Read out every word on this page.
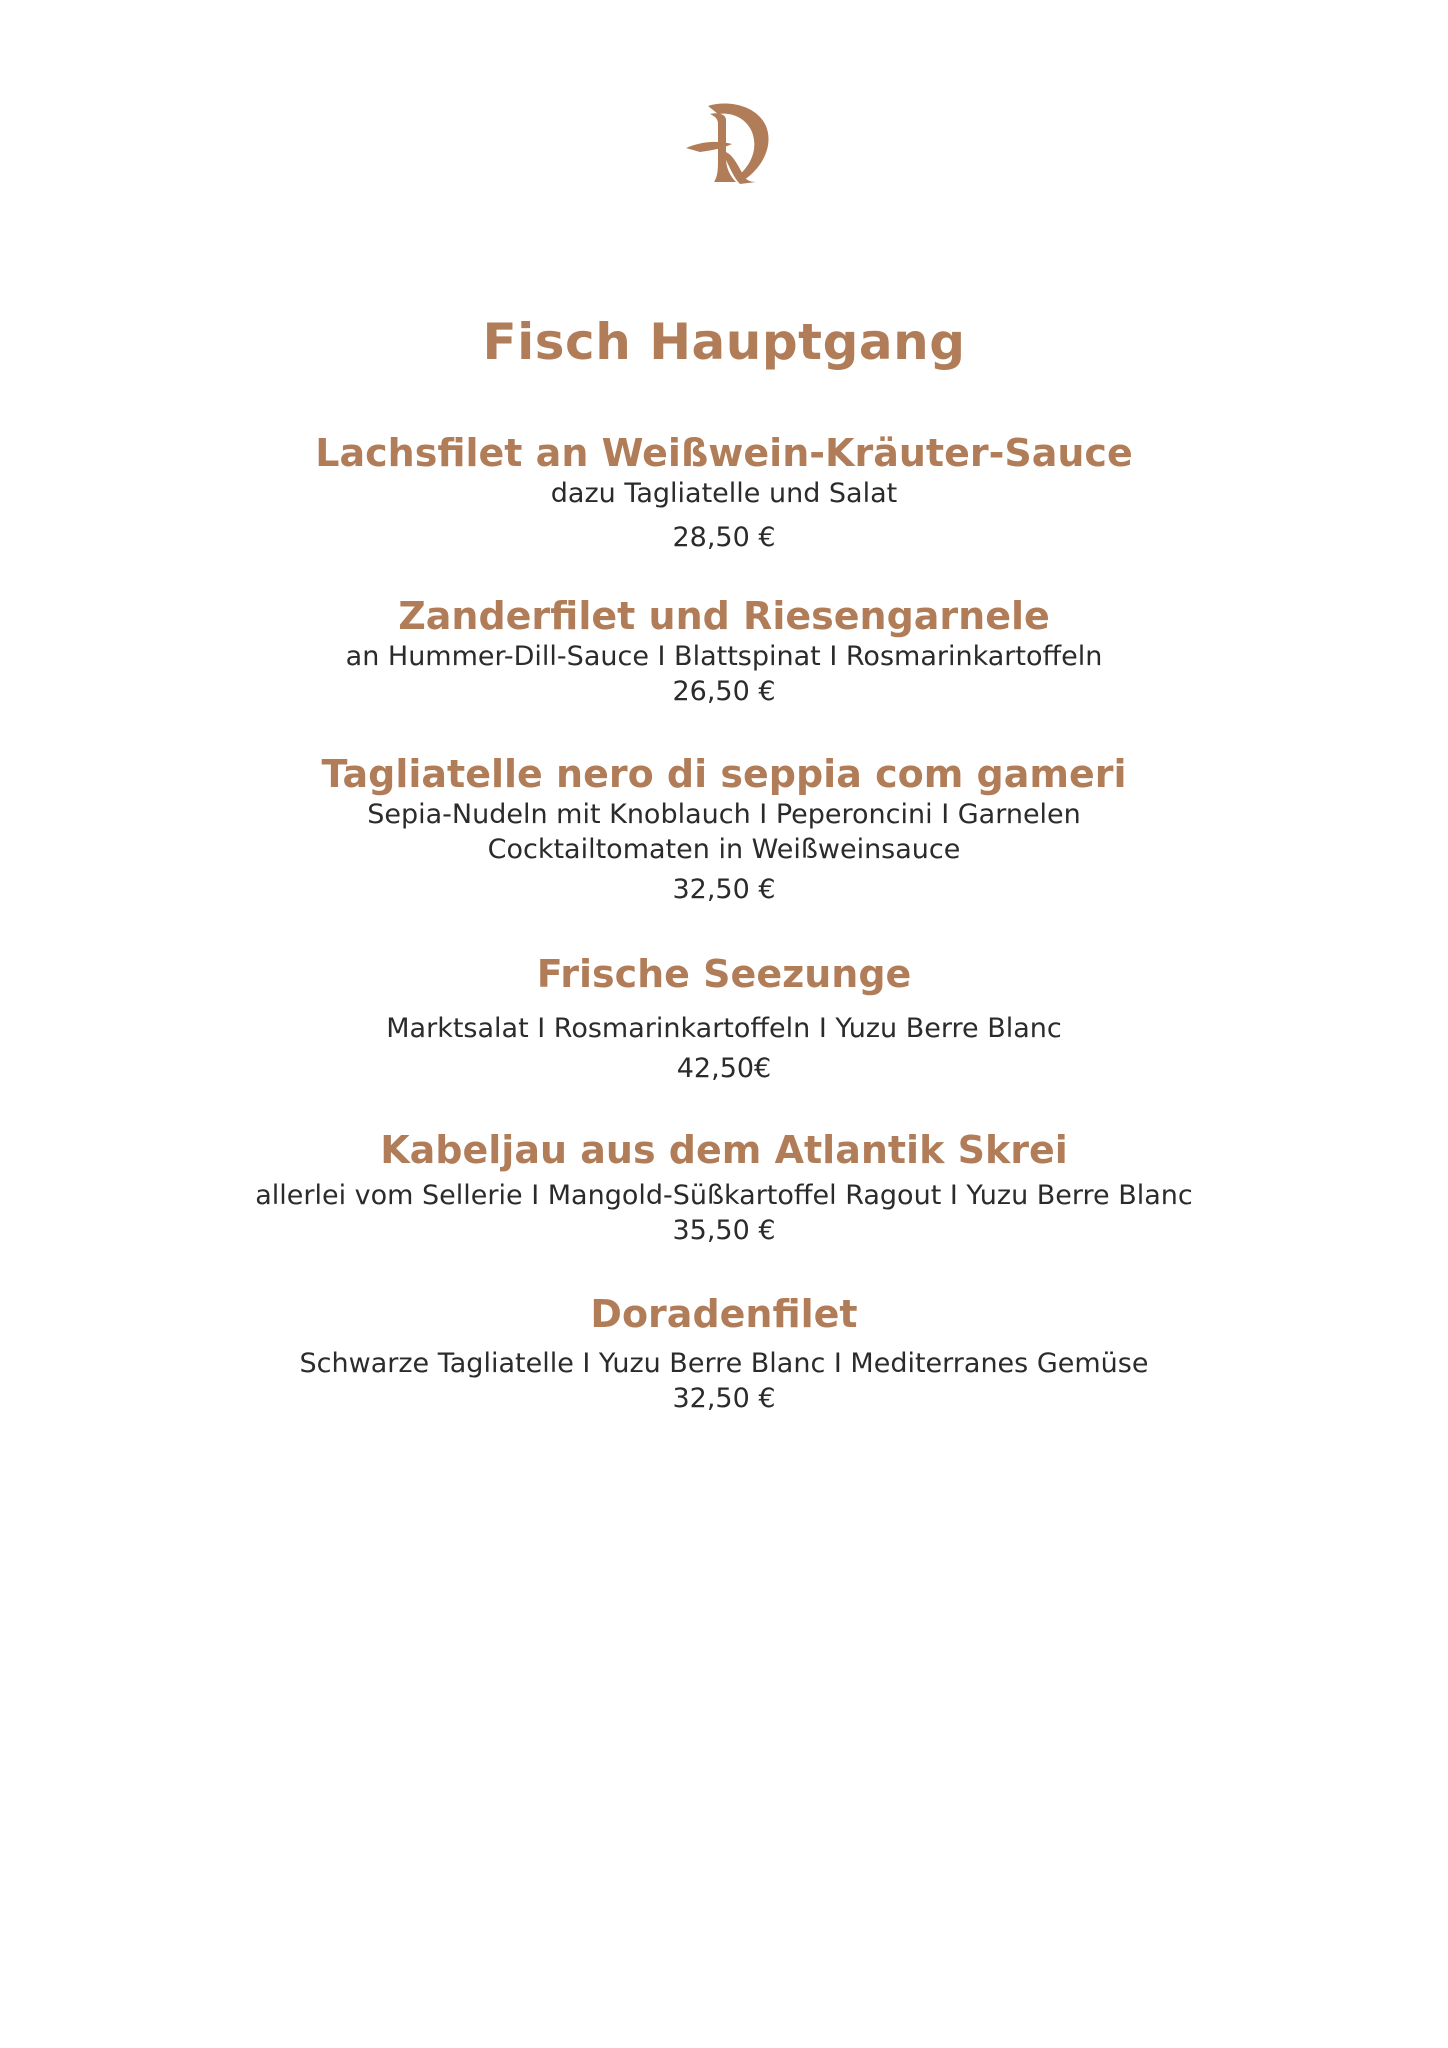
Fisch Hauptgang
Lachsfilet an Weißwein-Kräuter-Sauce
dazu Tagliatelle und Salat
28,50 €
Zanderfilet und Riesengarnele
an Hummer-Dill-Sauce I Blattspinat I Rosmarinkartoffeln
26,50 €
Tagliatelle nero di seppia com gameri
Sepia-Nudeln mit Knoblauch I Peperoncini I Garnelen
Cocktailtomaten in Weißweinsauce
32,50 €
Frische Seezunge
Marktsalat I Rosmarinkartoffeln I Yuzu Berre Blanc
42,50€
Kabeljau aus dem Atlantik Skrei
allerlei vom Sellerie I Mangold-Süßkartoffel Ragout I Yuzu Berre Blanc
35,50 €
Doradenfilet
Schwarze Tagliatelle I Yuzu Berre Blanc I Mediterranes Gemüse
32,50 €
